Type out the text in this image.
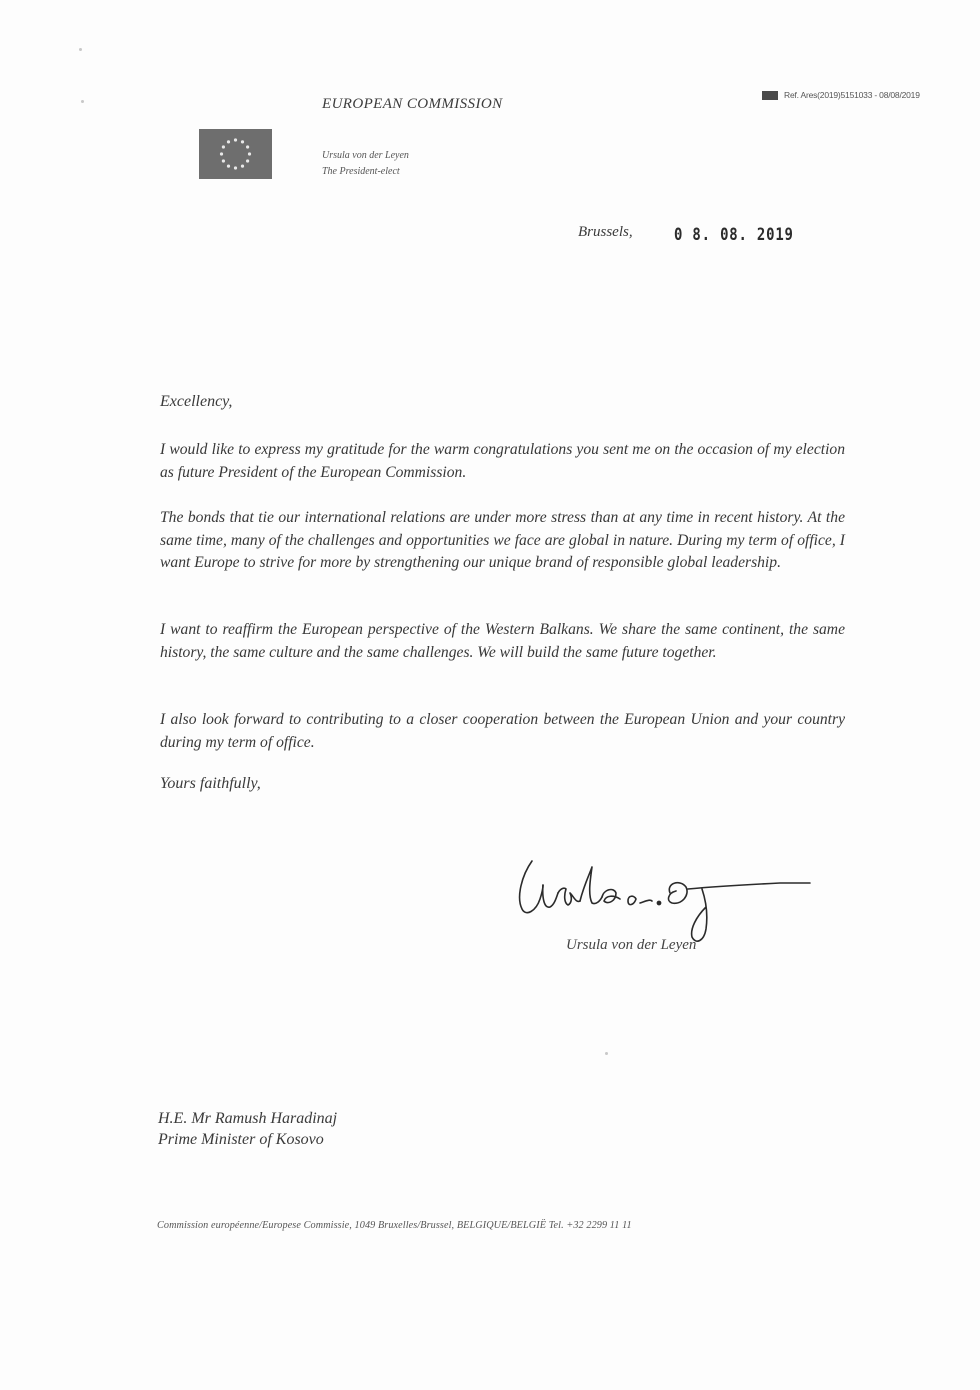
Ref. Ares(2019)5151033 - 08/08/2019
EUROPEAN COMMISSION
Ursula von der Leyen
The President-elect
Brussels, 0 8. 08. 2019
Excellency,

I would like to express my gratitude for the warm congratulations you sent me on the occasion of my election as future President of the European Commission.

The bonds that tie our international relations are under more stress than at any time in recent history. At the same time, many of the challenges and opportunities we face are global in nature. During my term of office, I want Europe to strive for more by strengthening our unique brand of responsible global leadership.

I want to reaffirm the European perspective of the Western Balkans. We share the same continent, the same history, the same culture and the same challenges. We will build the same future together.

I also look forward to contributing to a closer cooperation between the European Union and your country during my term of office.

Yours faithfully,
Ursula von der Leyen
H.E. Mr Ramush Haradinaj
Prime Minister of Kosovo
Commission européenne/Europese Commissie, 1049 Bruxelles/Brussel, BELGIQUE/BELGIË Tel. +32 2299 11 11
